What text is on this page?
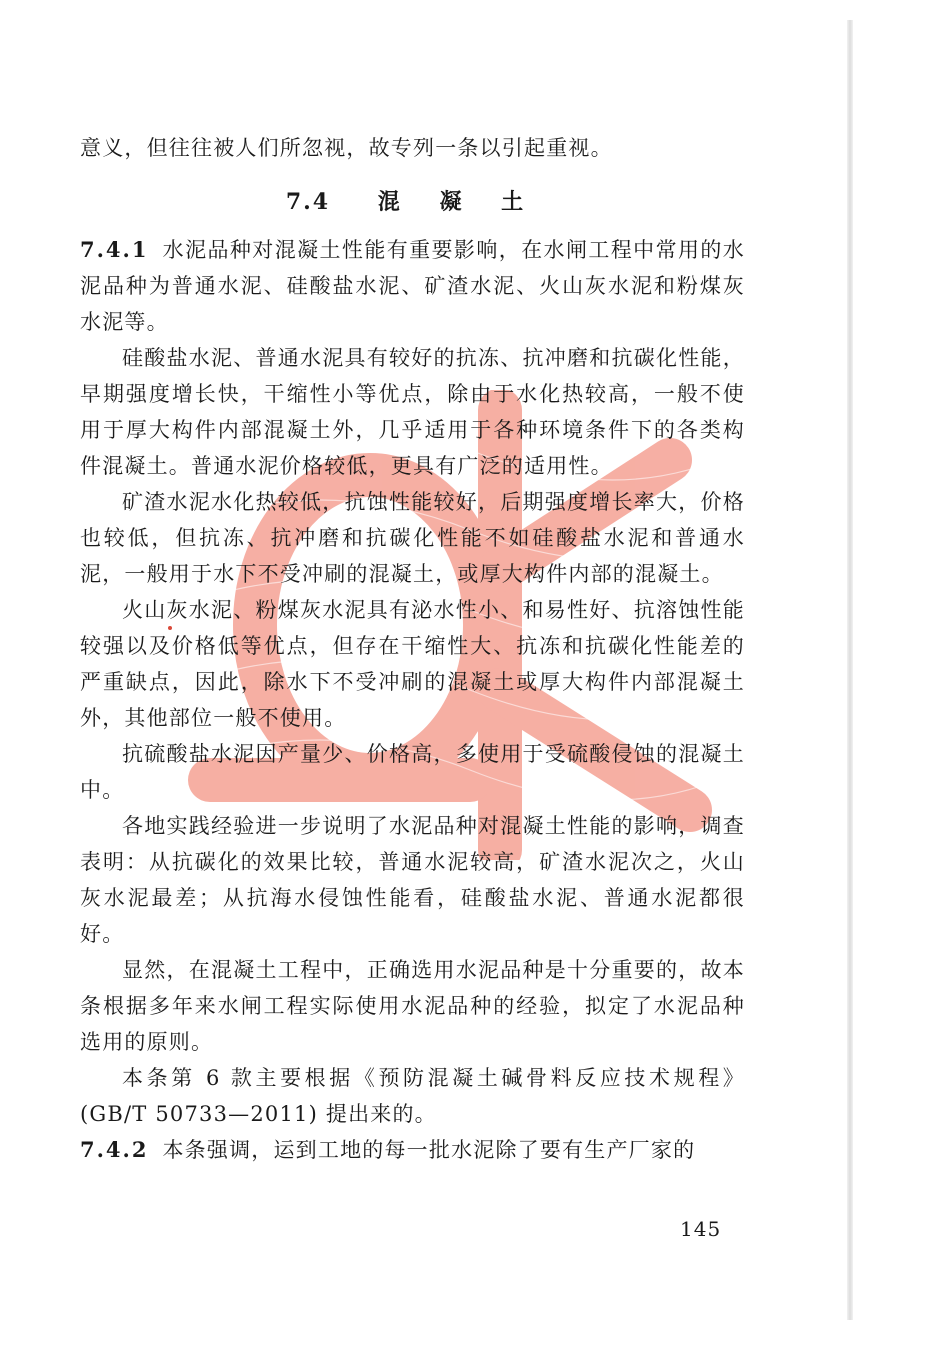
意义，但往往被人们所忽视，故专列一条以引起重视。

7.4 混 凝 土

7.4.1 水泥品种对混凝土性能有重要影响，在水闸工程中常用的水泥品种为普通水泥、硅酸盐水泥、矿渣水泥、火山灰水泥和粉煤灰水泥等。

硅酸盐水泥、普通水泥具有较好的抗冻、抗冲磨和抗碳化性能，早期强度增长快，干缩性小等优点，除由于水化热较高，一般不使用于厚大构件内部混凝土外，几乎适用于各种环境条件下的各类构件混凝土。普通水泥价格较低，更具有广泛的适用性。

矿渣水泥水化热较低，抗蚀性能较好，后期强度增长率大，价格也较低，但抗冻、抗冲磨和抗碳化性能不如硅酸盐水泥和普通水泥，一般用于水下不受冲刷的混凝土，或厚大构件内部的混凝土。

火山灰水泥、粉煤灰水泥具有泌水性小、和易性好、抗溶蚀性能较强以及价格低等优点，但存在干缩性大、抗冻和抗碳化性能差的严重缺点，因此，除水下不受冲刷的混凝土或厚大构件内部混凝土外，其他部位一般不使用。

抗硫酸盐水泥因产量少、价格高，多使用于受硫酸侵蚀的混凝土中。

各地实践经验进一步说明了水泥品种对混凝土性能的影响，调查表明：从抗碳化的效果比较，普通水泥较高，矿渣水泥次之，火山灰水泥最差；从抗海水侵蚀性能看，硅酸盐水泥、普通水泥都很好。

显然，在混凝土工程中，正确选用水泥品种是十分重要的，故本条根据多年来水闸工程实际使用水泥品种的经验，拟定了水泥品种选用的原则。

本条第 6 款主要根据《预防混凝土碱骨料反应技术规程》(GB/T 50733—2011) 提出来的。

7.4.2 本条强调，运到工地的每一批水泥除了要有生产厂家的

145
